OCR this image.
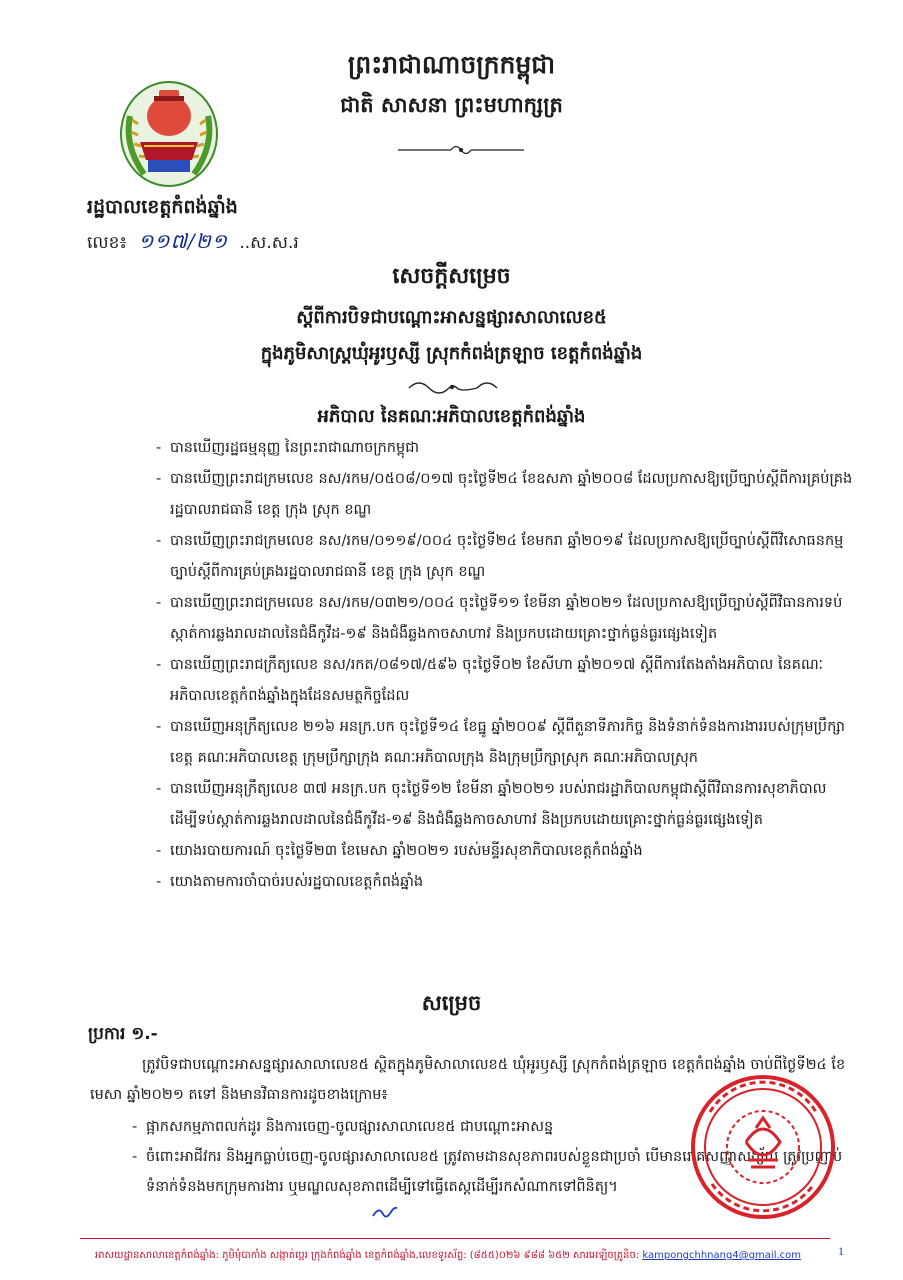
ព្រះរាជាណាចក្រកម្ពុជា
ជាតិ សាសនា ព្រះមហាក្សត្រ
រដ្ឋបាលខេត្តកំពង់ឆ្នាំង
លេខ៖ ១១៧/២១ ..ស.ស.រ
សេចក្ដីសម្រេច
ស្ដីពីការបិទជាបណ្ដោះអាសន្នផ្សារសាលាលេខ៥
ក្នុងភូមិសាស្ត្រឃុំអូរឫស្សី ស្រុកកំពង់ត្រឡាច ខេត្តកំពង់ឆ្នាំង
អភិបាល នៃគណៈអភិបាលខេត្តកំពង់ឆ្នាំង
- បានឃើញរដ្ឋធម្មនុញ្ញ នៃព្រះរាជាណាចក្រកម្ពុជា
- បានឃើញព្រះរាជក្រមលេខ នស/រកម/០៥០៨/០១៧ ចុះថ្ងៃទី២៤ ខែឧសភា ឆ្នាំ២០០៨ ដែលប្រកាសឱ្យប្រើច្បាប់ស្ដីពីការគ្រប់គ្រងរដ្ឋបាលរាជធានី ខេត្ត ក្រុង ស្រុក ខណ្ឌ
- បានឃើញព្រះរាជក្រមលេខ នស/រកម/០១១៩/០០៤ ចុះថ្ងៃទី២៤ ខែមករា ឆ្នាំ២០១៩ ដែលប្រកាសឱ្យប្រើច្បាប់ស្ដីពីវិសោធនកម្មច្បាប់ស្ដីពីការគ្រប់គ្រងរដ្ឋបាលរាជធានី ខេត្ត ក្រុង ស្រុក ខណ្ឌ
- បានឃើញព្រះរាជក្រមលេខ នស/រកម/០៣២១/០០៤ ចុះថ្ងៃទី១១ ខែមីនា ឆ្នាំ២០២១ ដែលប្រកាសឱ្យប្រើច្បាប់ស្ដីពីវិធានការទប់ស្កាត់ការឆ្លងរាលដាលនៃជំងឺកូវីដ-១៩ និងជំងឺឆ្លងកាចសាហាវ និងប្រកបដោយគ្រោះថ្នាក់ធ្ងន់ធ្ងរផ្សេងទៀត
- បានឃើញព្រះរាជក្រឹត្យលេខ នស/រកត/០៨១៧/៥៩៦ ចុះថ្ងៃទី០២ ខែសីហា ឆ្នាំ២០១៧ ស្ដីពីការតែងតាំងអភិបាល នៃគណៈអភិបាលខេត្តកំពង់ឆ្នាំងក្នុងដែនសមត្ថកិច្ចដែល
- បានឃើញអនុក្រឹត្យលេខ ២១៦ អនក្រ.បក ចុះថ្ងៃទី១៤ ខែធ្នូ ឆ្នាំ២០០៩ ស្ដីពីតួនាទីភារកិច្ច និងទំនាក់ទំនងការងាររបស់ក្រុមប្រឹក្សាខេត្ត គណៈអភិបាលខេត្ត ក្រុមប្រឹក្សាក្រុង គណៈអភិបាលក្រុង និងក្រុមប្រឹក្សាស្រុក គណៈអភិបាលស្រុក
- បានឃើញអនុក្រឹត្យលេខ ៣៧ អនក្រ.បក ចុះថ្ងៃទី១២ ខែមីនា ឆ្នាំ២០២១ របស់រាជរដ្ឋាភិបាលកម្ពុជាស្ដីពីវិធានការសុខាភិបាលដើម្បីទប់ស្កាត់ការឆ្លងរាលដាលនៃជំងឺកូវីដ-១៩ និងជំងឺឆ្លងកាចសាហាវ និងប្រកបដោយគ្រោះថ្នាក់ធ្ងន់ធ្ងរផ្សេងទៀត
- យោងរបាយការណ៍ ចុះថ្ងៃទី២៣ ខែមេសា ឆ្នាំ២០២១ របស់មន្ទីរសុខាភិបាលខេត្តកំពង់ឆ្នាំង
- យោងតាមការចាំបាច់របស់រដ្ឋបាលខេត្តកំពង់ឆ្នាំង
សម្រេច
ប្រការ ១.-
ត្រូវបិទជាបណ្ដោះអាសន្នផ្សារសាលាលេខ៥ ស្ថិតក្នុងភូមិសាលាលេខ៥ ឃុំអូរឫស្សី ស្រុកកំពង់ត្រឡាច ខេត្តកំពង់ឆ្នាំង ចាប់ពីថ្ងៃទី២៤ ខែមេសា ឆ្នាំ២០២១ តទៅ និងមានវិធានការដូចខាងក្រោម៖
- ផ្អាកសកម្មភាពលក់ដូរ និងការចេញ-ចូលផ្សារសាលាលេខ៥ ជាបណ្ដោះអាសន្ន
- ចំពោះអាជីវករ និងអ្នកធ្លាប់ចេញ-ចូលផ្សារសាលាលេខ៥ ត្រូវតាមដានសុខភាពរបស់ខ្លួនជាប្រចាំ បើមានរោគសញ្ញាសង្ស័យ ត្រូវប្រញាប់ទំនាក់ទំនងមកក្រុមការងារ ឬមណ្ឌលសុខភាពដើម្បីទៅធ្វើតេស្តដើម្បីរកសំណាកទៅពិនិត្យ។
អាសយដ្ឋានសាលាខេត្តកំពង់ឆ្នាំង: ភូមិមុំបាកាំង សង្កាត់ប្អេរ ក្រុងកំពង់ឆ្នាំង ខេត្តកំពង់ឆ្នាំង,លេខទូរស័ព្ទ: (៨៥៥)០២៦ ៩៨៨ ៦៥២ សារអេឡិចត្រូនិច: kampongchhnang4@gmail.com	1
